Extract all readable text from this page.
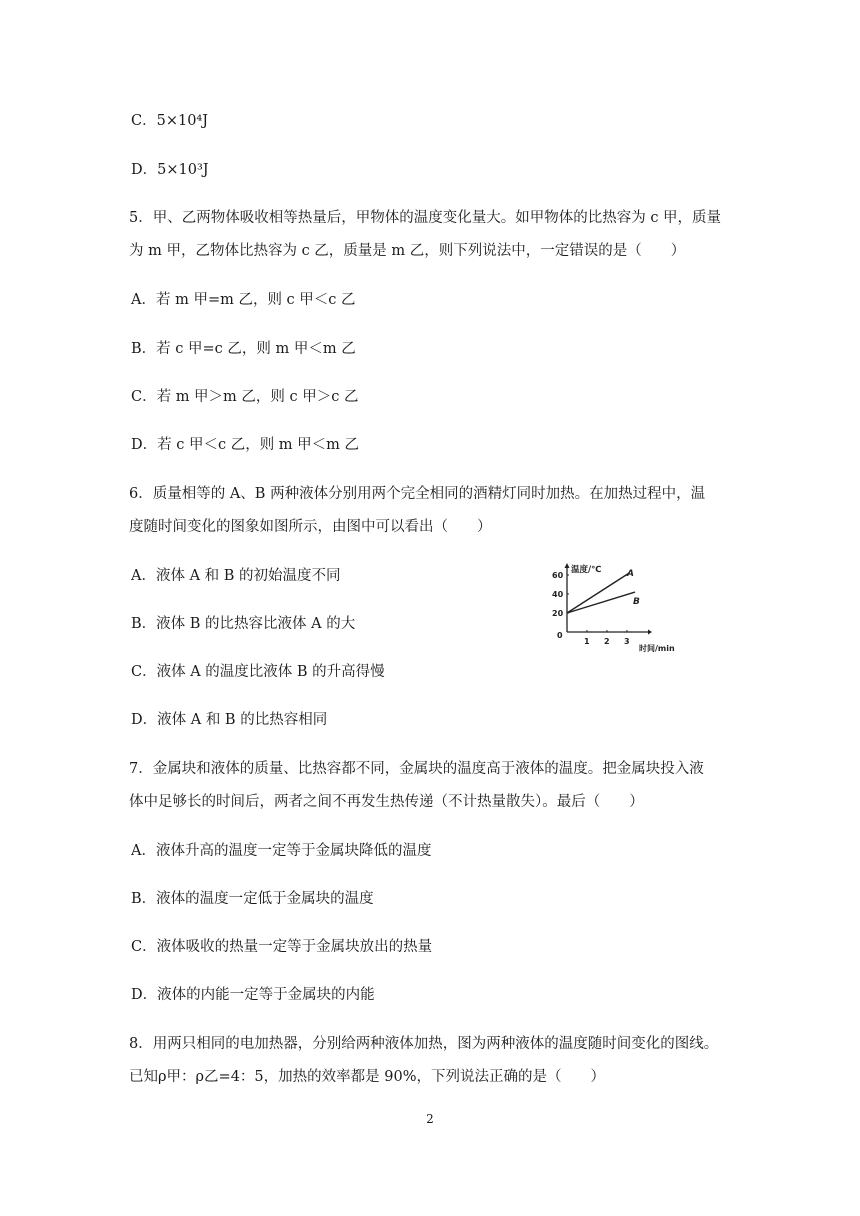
C．5×10⁴J
D．5×10³J
5．甲、乙两物体吸收相等热量后，甲物体的温度变化量大。如甲物体的比热容为 c 甲，质量
为 m 甲，乙物体比热容为 c 乙，质量是 m 乙，则下列说法中，一定错误的是（　　）
A．若 m 甲=m 乙，则 c 甲＜c 乙
B．若 c 甲=c 乙，则 m 甲＜m 乙
C．若 m 甲＞m 乙，则 c 甲＞c 乙
D．若 c 甲＜c 乙，则 m 甲＜m 乙
6．质量相等的 A、B 两种液体分别用两个完全相同的酒精灯同时加热。在加热过程中，温
度随时间变化的图象如图所示，由图中可以看出（　　）
A．液体 A 和 B 的初始温度不同
B．液体 B 的比热容比液体 A 的大
C．液体 A 的温度比液体 B 的升高得慢
D．液体 A 和 B 的比热容相同
7．金属块和液体的质量、比热容都不同，金属块的温度高于液体的温度。把金属块投入液
体中足够长的时间后，两者之间不再发生热传递（不计热量散失）。最后（　　）
A．液体升高的温度一定等于金属块降低的温度
B．液体的温度一定低于金属块的温度
C．液体吸收的热量一定等于金属块放出的热量
D．液体的内能一定等于金属块的内能
8．用两只相同的电加热器，分别给两种液体加热，图为两种液体的温度随时间变化的图线。
已知ρ甲：ρ乙=4：5，加热的效率都是 90%，下列说法正确的是（　　）
温度/℃
时间/min
0
20
40
60
1 2 3
A
B
2
